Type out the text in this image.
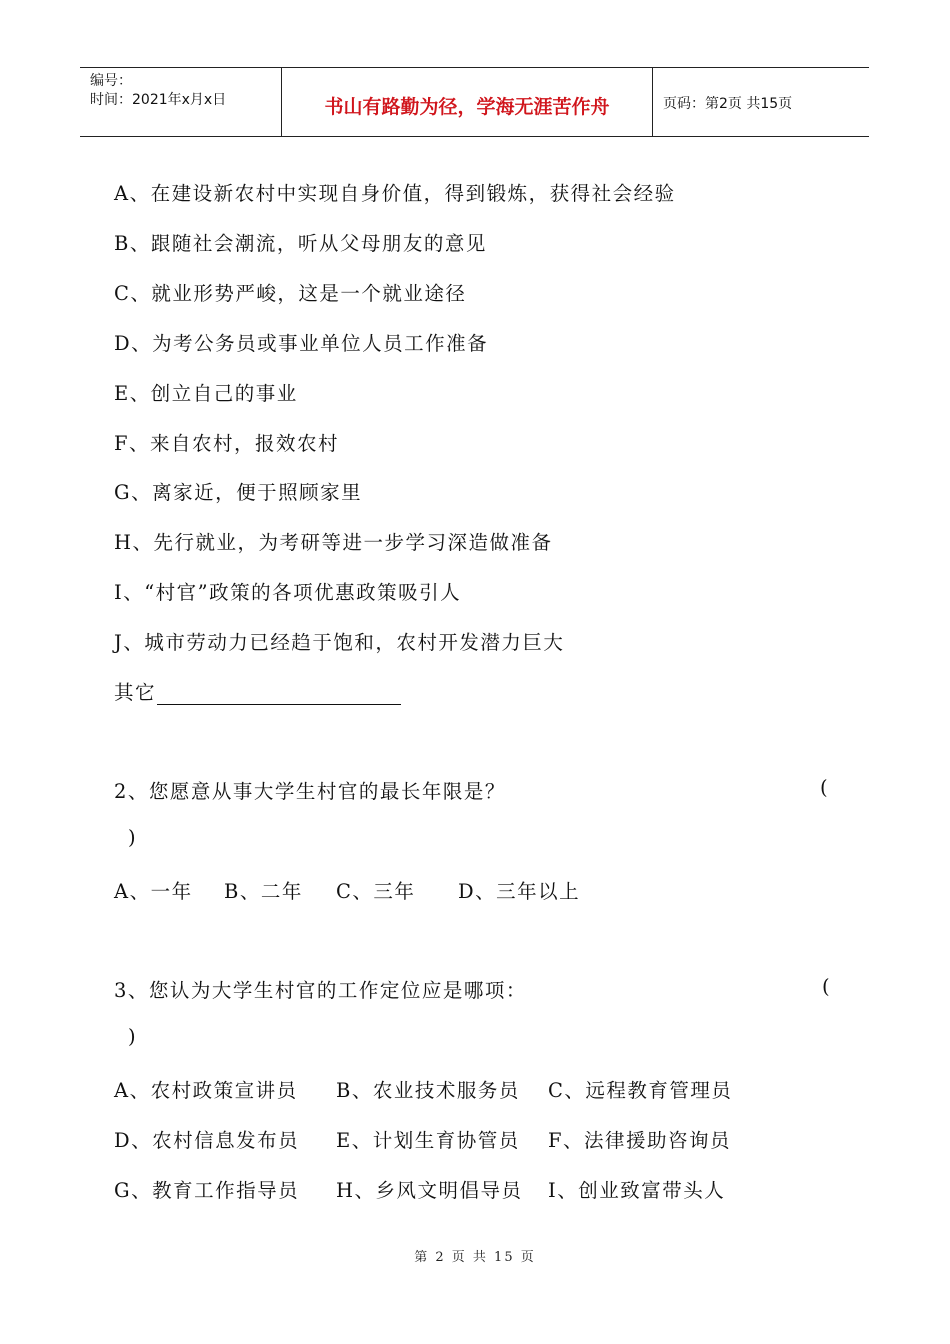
编号：
时间：2021年x月x日	书山有路勤为径，学海无涯苦作舟	页码：第2页 共15页
A、在建设新农村中实现自身价值，得到锻炼，获得社会经验
B、跟随社会潮流，听从父母朋友的意见
C、就业形势严峻，这是一个就业途径
D、为考公务员或事业单位人员工作准备
E、创立自己的事业
F、来自农村，报效农村
G、离家近，便于照顾家里
H、先行就业，为考研等进一步学习深造做准备
I、“村官”政策的各项优惠政策吸引人
J、城市劳动力已经趋于饱和，农村开发潜力巨大
其它
2、您愿意从事大学生村官的最长年限是？	(
)
A、一年 B、二年 C、三年 D、三年以上
3、您认为大学生村官的工作定位应是哪项：	(
)
A、农村政策宣讲员 B、农业技术服务员 C、远程教育管理员
D、农村信息发布员 E、计划生育协管员 F、法律援助咨询员
G、教育工作指导员 H、乡风文明倡导员 I、创业致富带头人
第 2 页 共 15 页
